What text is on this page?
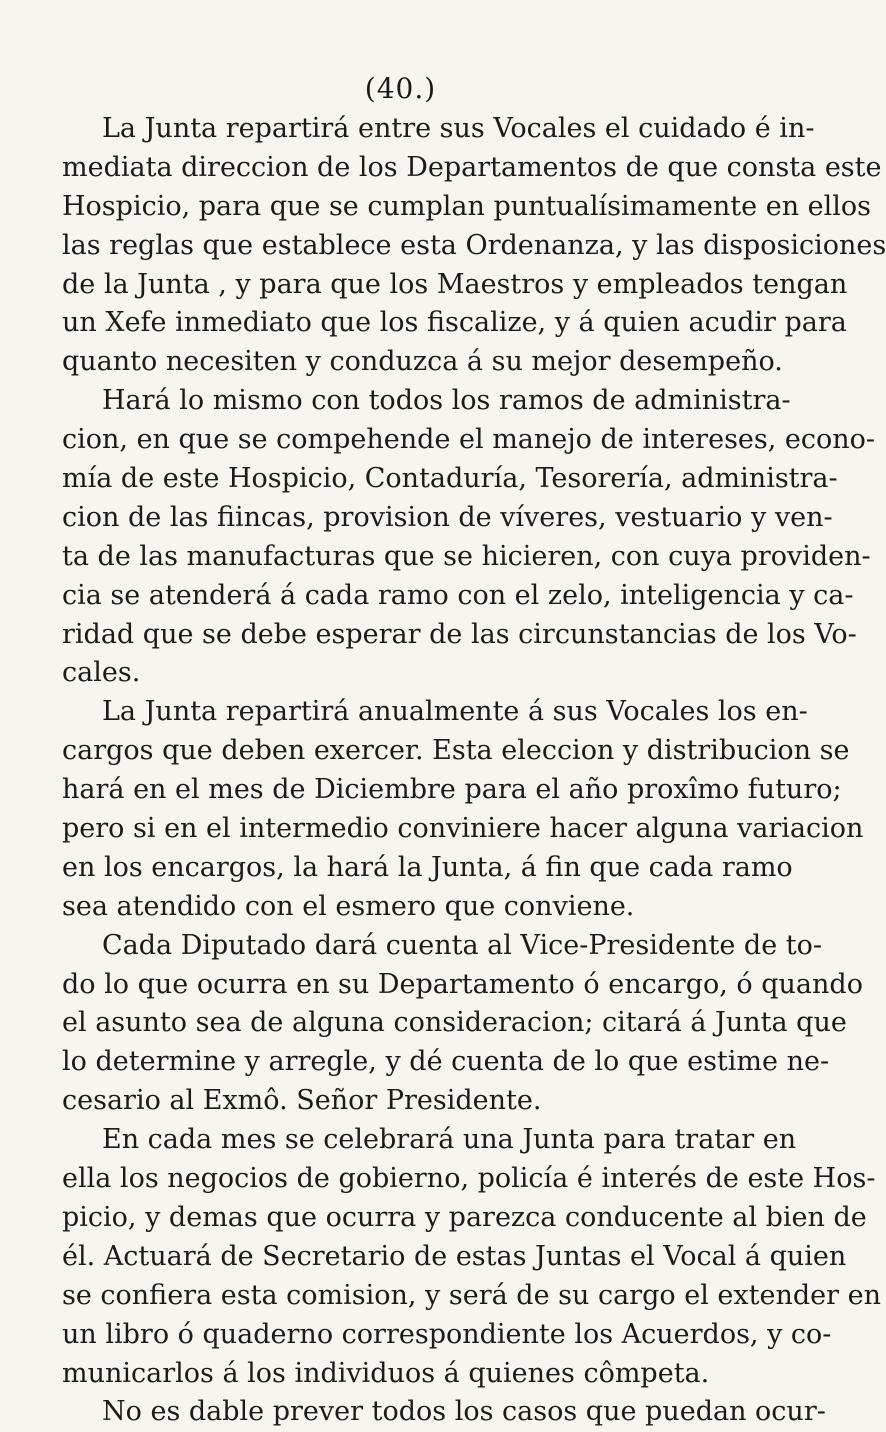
(40.)
La Junta repartirá entre sus Vocales el cuidado é in-
mediata direccion de los Departamentos de que consta este
Hospicio, para que se cumplan puntualísimamente en ellos
las reglas que establece esta Ordenanza, y las disposiciones
de la Junta , y para que los Maestros y empleados tengan
un Xefe inmediato que los fiscalize, y á quien acudir para
quanto necesiten y conduzca á su mejor desempeño.
Hará lo mismo con todos los ramos de administra-
cion, en que se compehende el manejo de intereses, econo-
mía de este Hospicio, Contaduría, Tesorería, administra-
cion de las fiincas, provision de víveres, vestuario y ven-
ta de las manufacturas que se hicieren, con cuya providen-
cia se atenderá á cada ramo con el zelo, inteligencia y ca-
ridad que se debe esperar de las circunstancias de los Vo-
cales.
La Junta repartirá anualmente á sus Vocales los en-
cargos que deben exercer. Esta eleccion y distribucion se
hará en el mes de Diciembre para el año proxîmo futuro;
pero si en el intermedio conviniere hacer alguna variacion
en los encargos, la hará la Junta, á fin que cada ramo
sea atendido con el esmero que conviene.
Cada Diputado dará cuenta al Vice-Presidente de to-
do lo que ocurra en su Departamento ó encargo, ó quando
el asunto sea de alguna consideracion; citará á Junta que
lo determine y arregle, y dé cuenta de lo que estime ne-
cesario al Exmô. Señor Presidente.
En cada mes se celebrará una Junta para tratar en
ella los negocios de gobierno, policía é interés de este Hos-
picio, y demas que ocurra y parezca conducente al bien de
él. Actuará de Secretario de estas Juntas el Vocal á quien
se confiera esta comision, y será de su cargo el extender en
un libro ó quaderno correspondiente los Acuerdos, y co-
municarlos á los individuos á quienes cômpeta.
No es dable prever todos los casos que puedan ocur-
